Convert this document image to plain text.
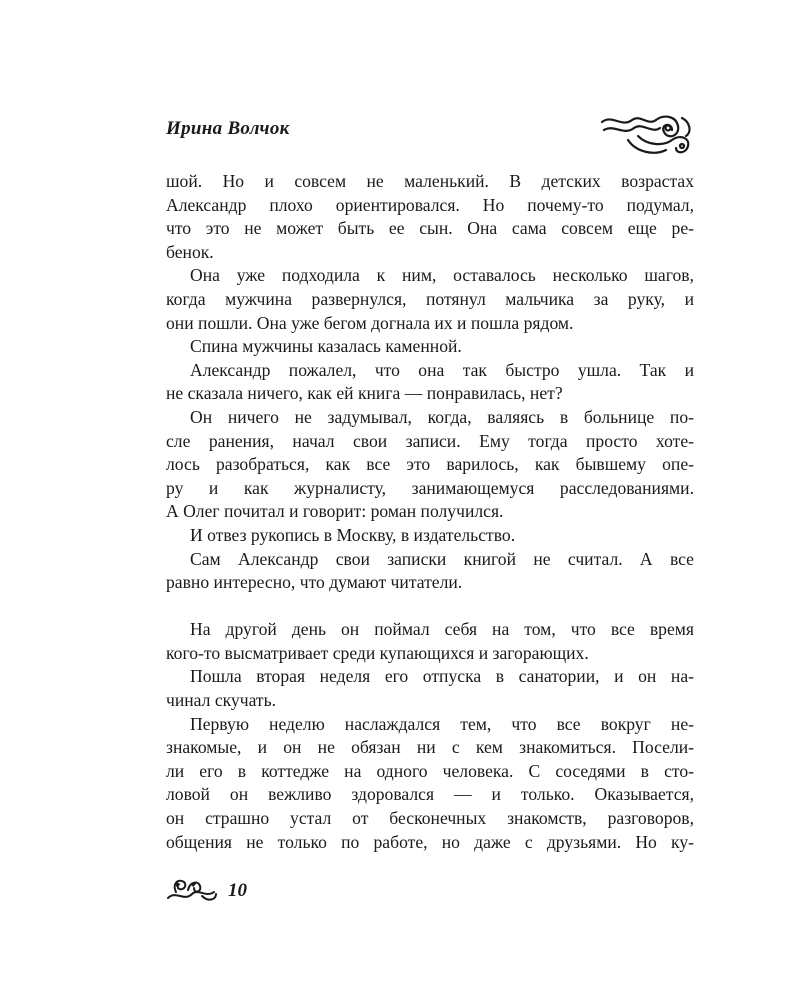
Ирина Волчок
шой. Но и совсем не маленький. В детских возрастах
Александр плохо ориентировался. Но почему-то подумал,
что это не может быть ее сын. Она сама совсем еще ре-
бенок.
Она уже подходила к ним, оставалось несколько шагов,
когда мужчина развернулся, потянул мальчика за руку, и
они пошли. Она уже бегом догнала их и пошла рядом.
Спина мужчины казалась каменной.
Александр пожалел, что она так быстро ушла. Так и
не сказала ничего, как ей книга — понравилась, нет?
Он ничего не задумывал, когда, валяясь в больнице по-
сле ранения, начал свои записи. Ему тогда просто хоте-
лось разобраться, как все это варилось, как бывшему опе-
ру и как журналисту, занимающемуся расследованиями.
А Олег почитал и говорит: роман получился.
И отвез рукопись в Москву, в издательство.
Сам Александр свои записки книгой не считал. А все
равно интересно, что думают читатели.
На другой день он поймал себя на том, что все время
кого-то высматривает среди купающихся и загорающих.
Пошла вторая неделя его отпуска в санатории, и он на-
чинал скучать.
Первую неделю наслаждался тем, что все вокруг не-
знакомые, и он не обязан ни с кем знакомиться. Посели-
ли его в коттедже на одного человека. С соседями в сто-
ловой он вежливо здоровался — и только. Оказывается,
он страшно устал от бесконечных знакомств, разговоров,
общения не только по работе, но даже с друзьями. Но ку-
10
